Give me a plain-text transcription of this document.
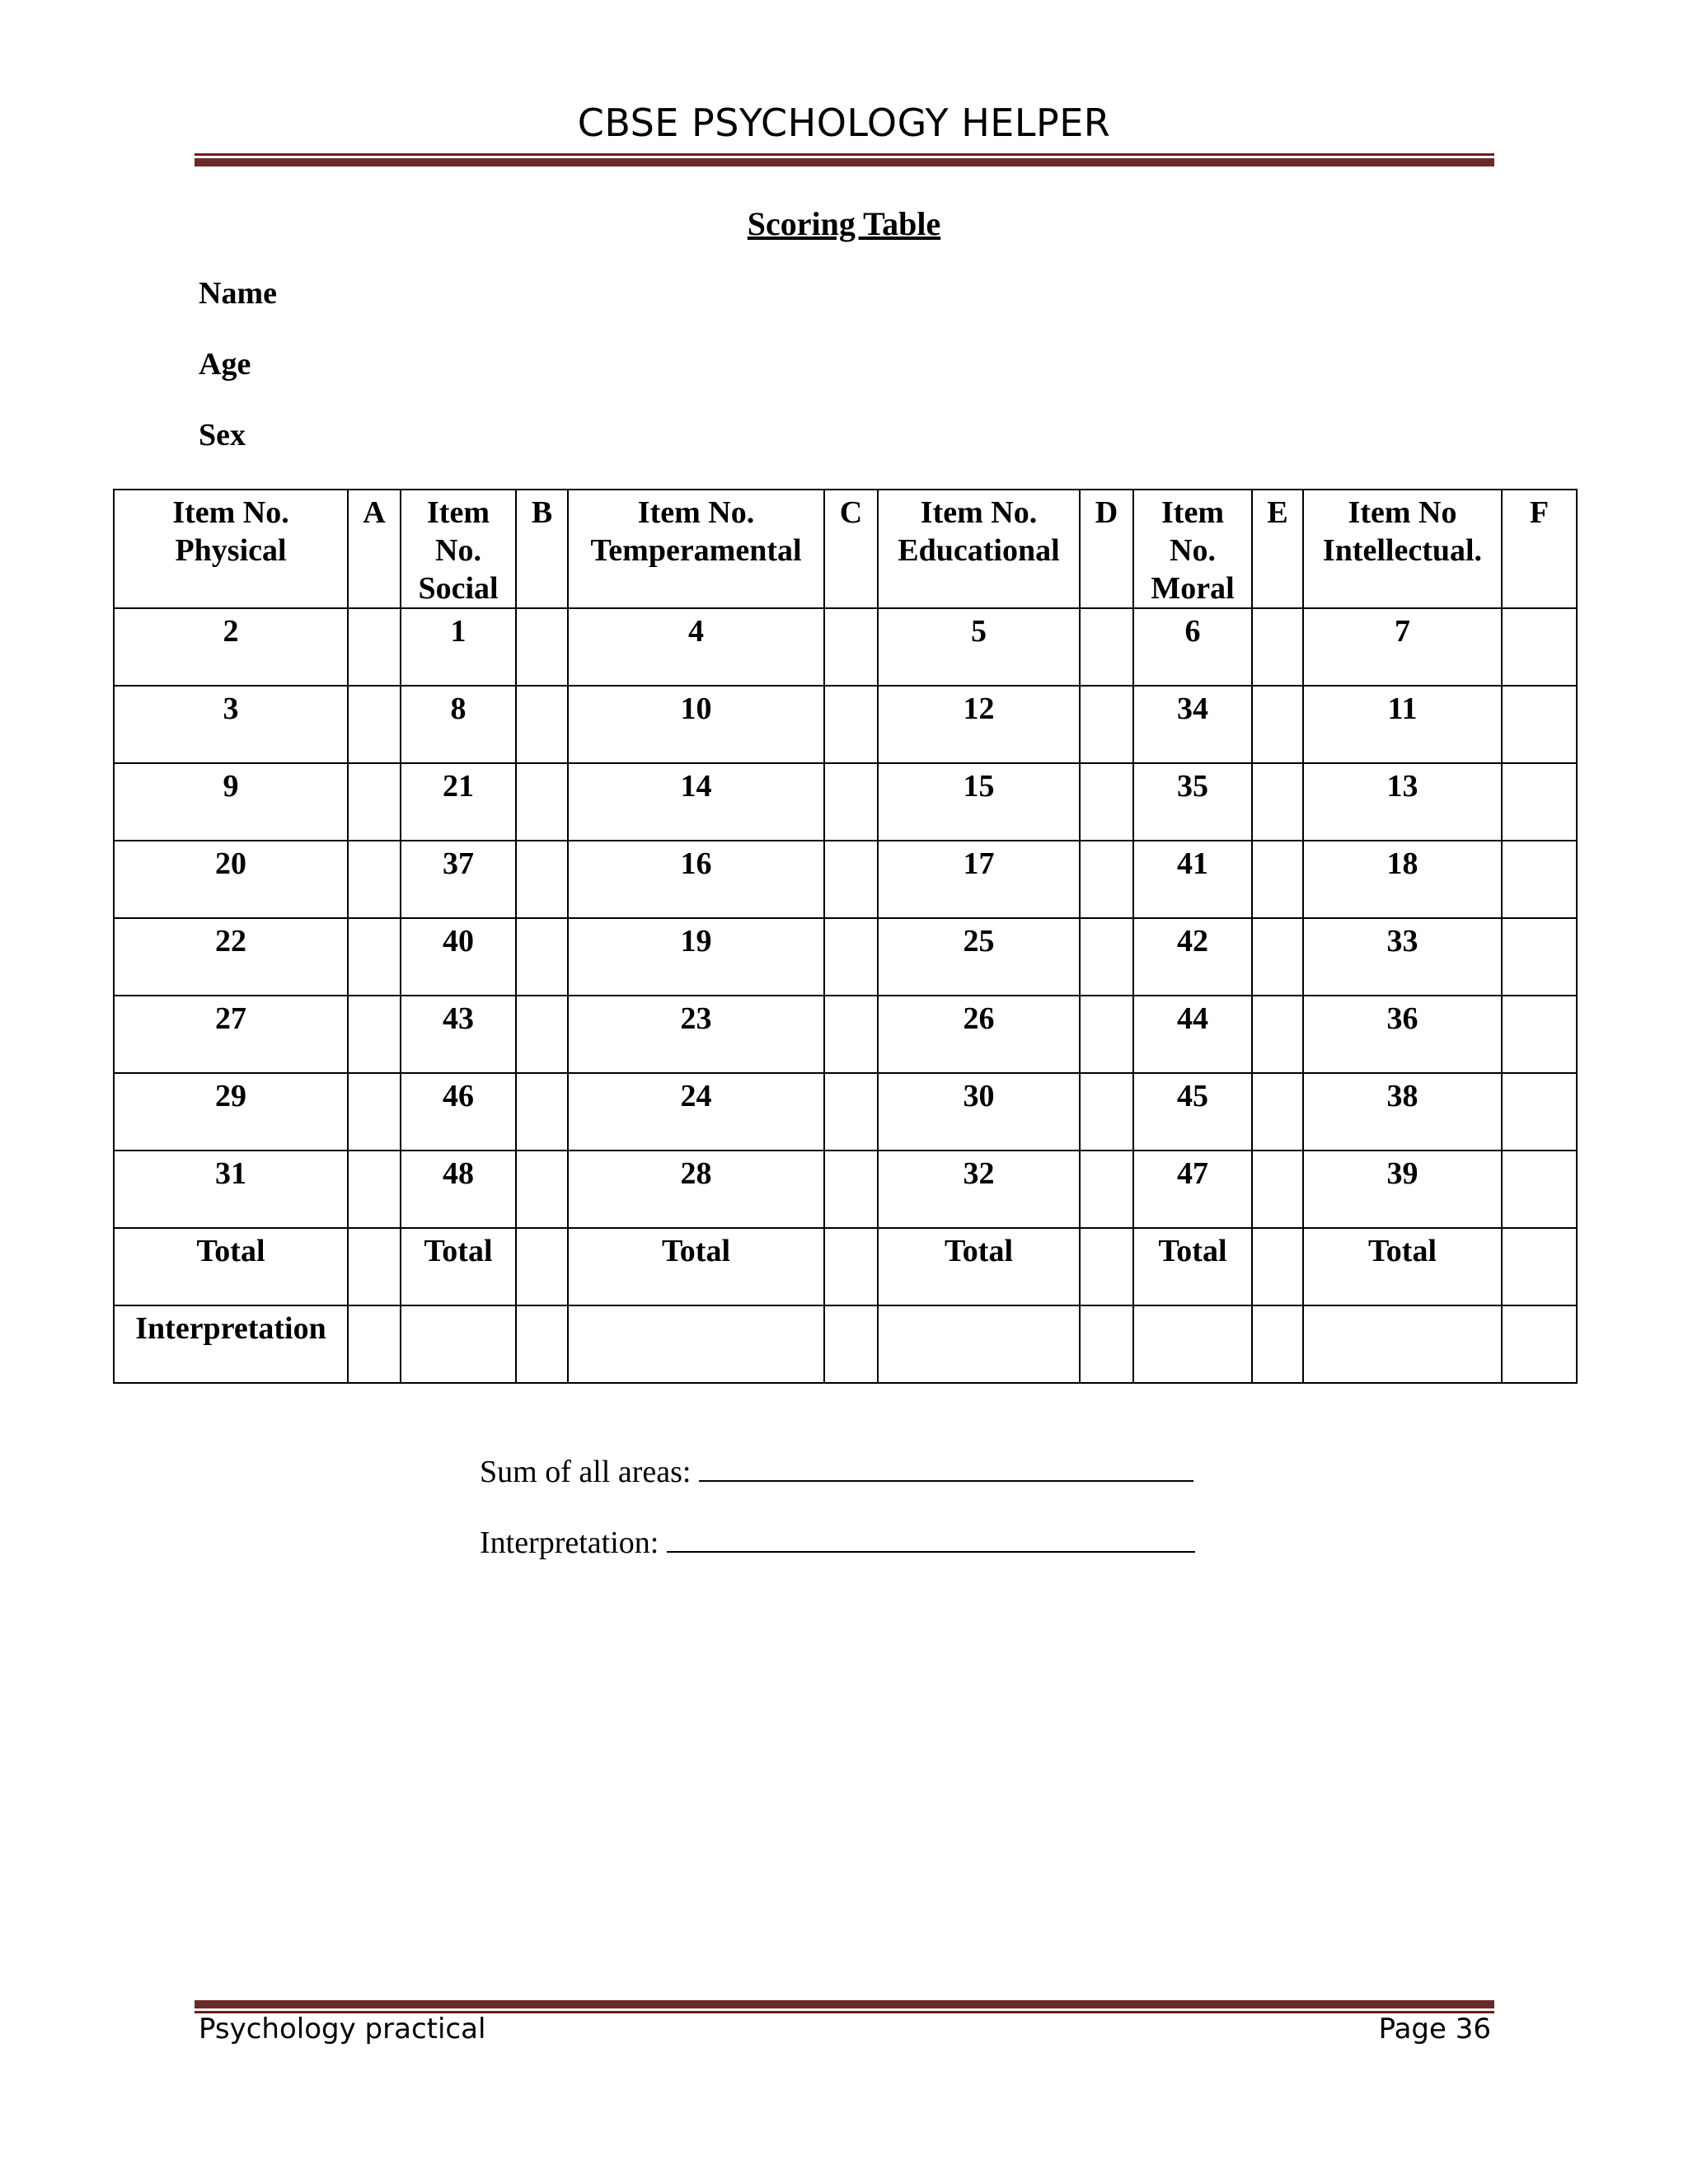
CBSE PSYCHOLOGY HELPER
Scoring Table
Name
Age
Sex
Item No. Physical	A	Item No. Social	B	Item No. Temperamental	C	Item No. Educational	D	Item No. Moral	E	Item No Intellectual.	F
2		1		4		5		6		7	
3		8		10		12		34		11	
9		21		14		15		35		13	
20		37		16		17		41		18	
22		40		19		25		42		33	
27		43		23		26		44		36	
29		46		24		30		45		38	
31		48		28		32		47		39	
Total		Total		Total		Total		Total		Total	
Interpretation											
Sum of all areas:
Interpretation:
Psychology practical	Page 36
